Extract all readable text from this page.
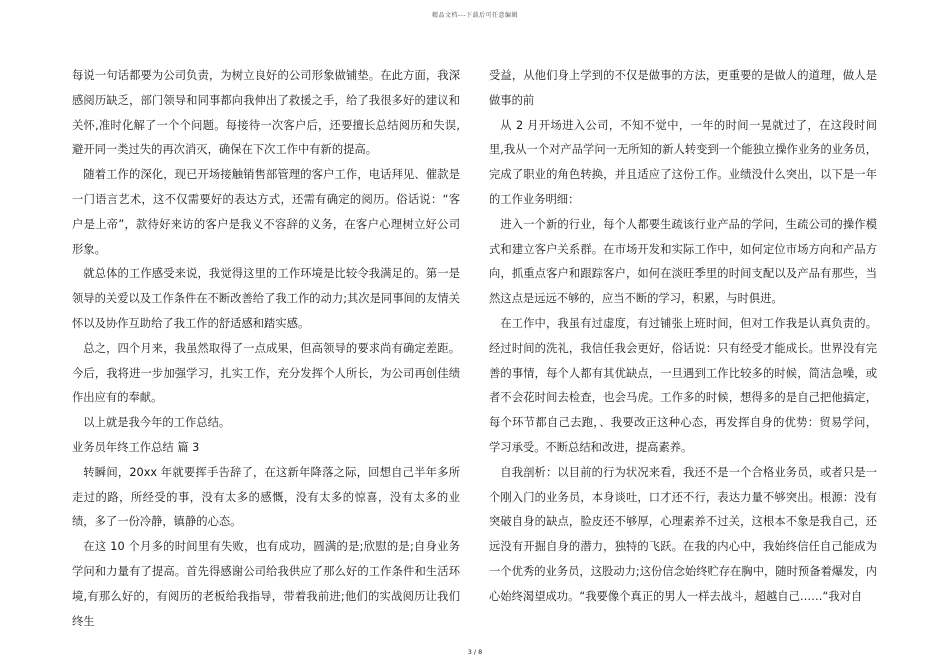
精品文档---下载后可任意编辑

每说一句话都要为公司负责，为树立良好的公司形象做铺垫。在此方面，我深感阅历缺乏，部门领导和同事都向我伸出了救援之手，给了我很多好的建议和关怀,准时化解了一个个问题。每接待一次客户后，还要擅长总结阅历和失误,避开同一类过失的再次消灭，确保在下次工作中有新的提高。

随着工作的深化，现已开场接触销售部管理的客户工作，电话拜见、催款是一门语言艺术，这不仅需要好的表达方式，还需有确定的阅历。俗话说：“客户是上帝”，款待好来访的客户是我义不容辞的义务，在客户心理树立好公司形象。

就总体的工作感受来说，我觉得这里的工作环境是比较令我满足的。第一是领导的关爱以及工作条件在不断改善给了我工作的动力;其次是同事间的友情关怀以及协作互助给了我工作的舒适感和踏实感。

总之，四个月来，我虽然取得了一点成果，但高领导的要求尚有确定差距。今后，我将进一步加强学习，扎实工作，充分发挥个人所长，为公司再创佳绩作出应有的奉献。

以上就是我今年的工作总结。

业务员年终工作总结 篇 3

转瞬间，20xx 年就要挥手告辞了，在这新年降落之际，回想自己半年多所走过的路，所经受的事，没有太多的感慨，没有太多的惊喜，没有太多的业绩，多了一份冷静，镇静的心态。

在这 10 个月多的时间里有失败，也有成功，圆满的是;欣慰的是;自身业务学问和力量有了提高。首先得感谢公司给我供应了那么好的工作条件和生活环境,有那么好的，有阅历的老板给我指导，带着我前进;他们的实战阅历让我们终生

受益，从他们身上学到的不仅是做事的方法，更重要的是做人的道理，做人是做事的前

从 2 月开场进入公司，不知不觉中，一年的时间一晃就过了，在这段时间里,我从一个对产品学问一无所知的新人转变到一个能独立操作业务的业务员，完成了职业的角色转换，并且适应了这份工作。业绩没什么突出，以下是一年的工作业务明细：

进入一个新的行业，每个人都要生疏该行业产品的学问，生疏公司的操作模式和建立客户关系群。在市场开发和实际工作中，如何定位市场方向和产品方向，抓重点客户和跟踪客户，如何在淡旺季里的时间支配以及产品有那些，当然这点是远远不够的，应当不断的学习，积累，与时俱进。

在工作中，我虽有过虚度，有过铺张上班时间，但对工作我是认真负责的。经过时间的洗礼，我信任我会更好，俗话说：只有经受才能成长。世界没有完善的事情，每个人都有其优缺点，一旦遇到工作比较多的时候，简洁急噪，或者不会花时间去检查，也会马虎。工作多的时候，想得多的是自己把他搞定，每个环节都自己去跑，、我要改正这种心态，再发挥自身的优势：贸易学问，学习承受。不断总结和改进，提高素养。

自我剖析：以目前的行为状况来看，我还不是一个合格业务员，或者只是一个刚入门的业务员，本身谈吐，口才还不行，表达力量不够突出。根源：没有突破自身的缺点，脸皮还不够厚，心理素养不过关，这根本不象是我自己，还远没有开掘自身的潜力，独特的飞跃。在我的内心中，我始终信任自己能成为一个优秀的业务员，这股动力;这份信念始终贮存在胸中，随时预备着爆发，内心始终渴望成功。“我要像个真正的男人一样去战斗，超越自己……“我对自

3 / 8
